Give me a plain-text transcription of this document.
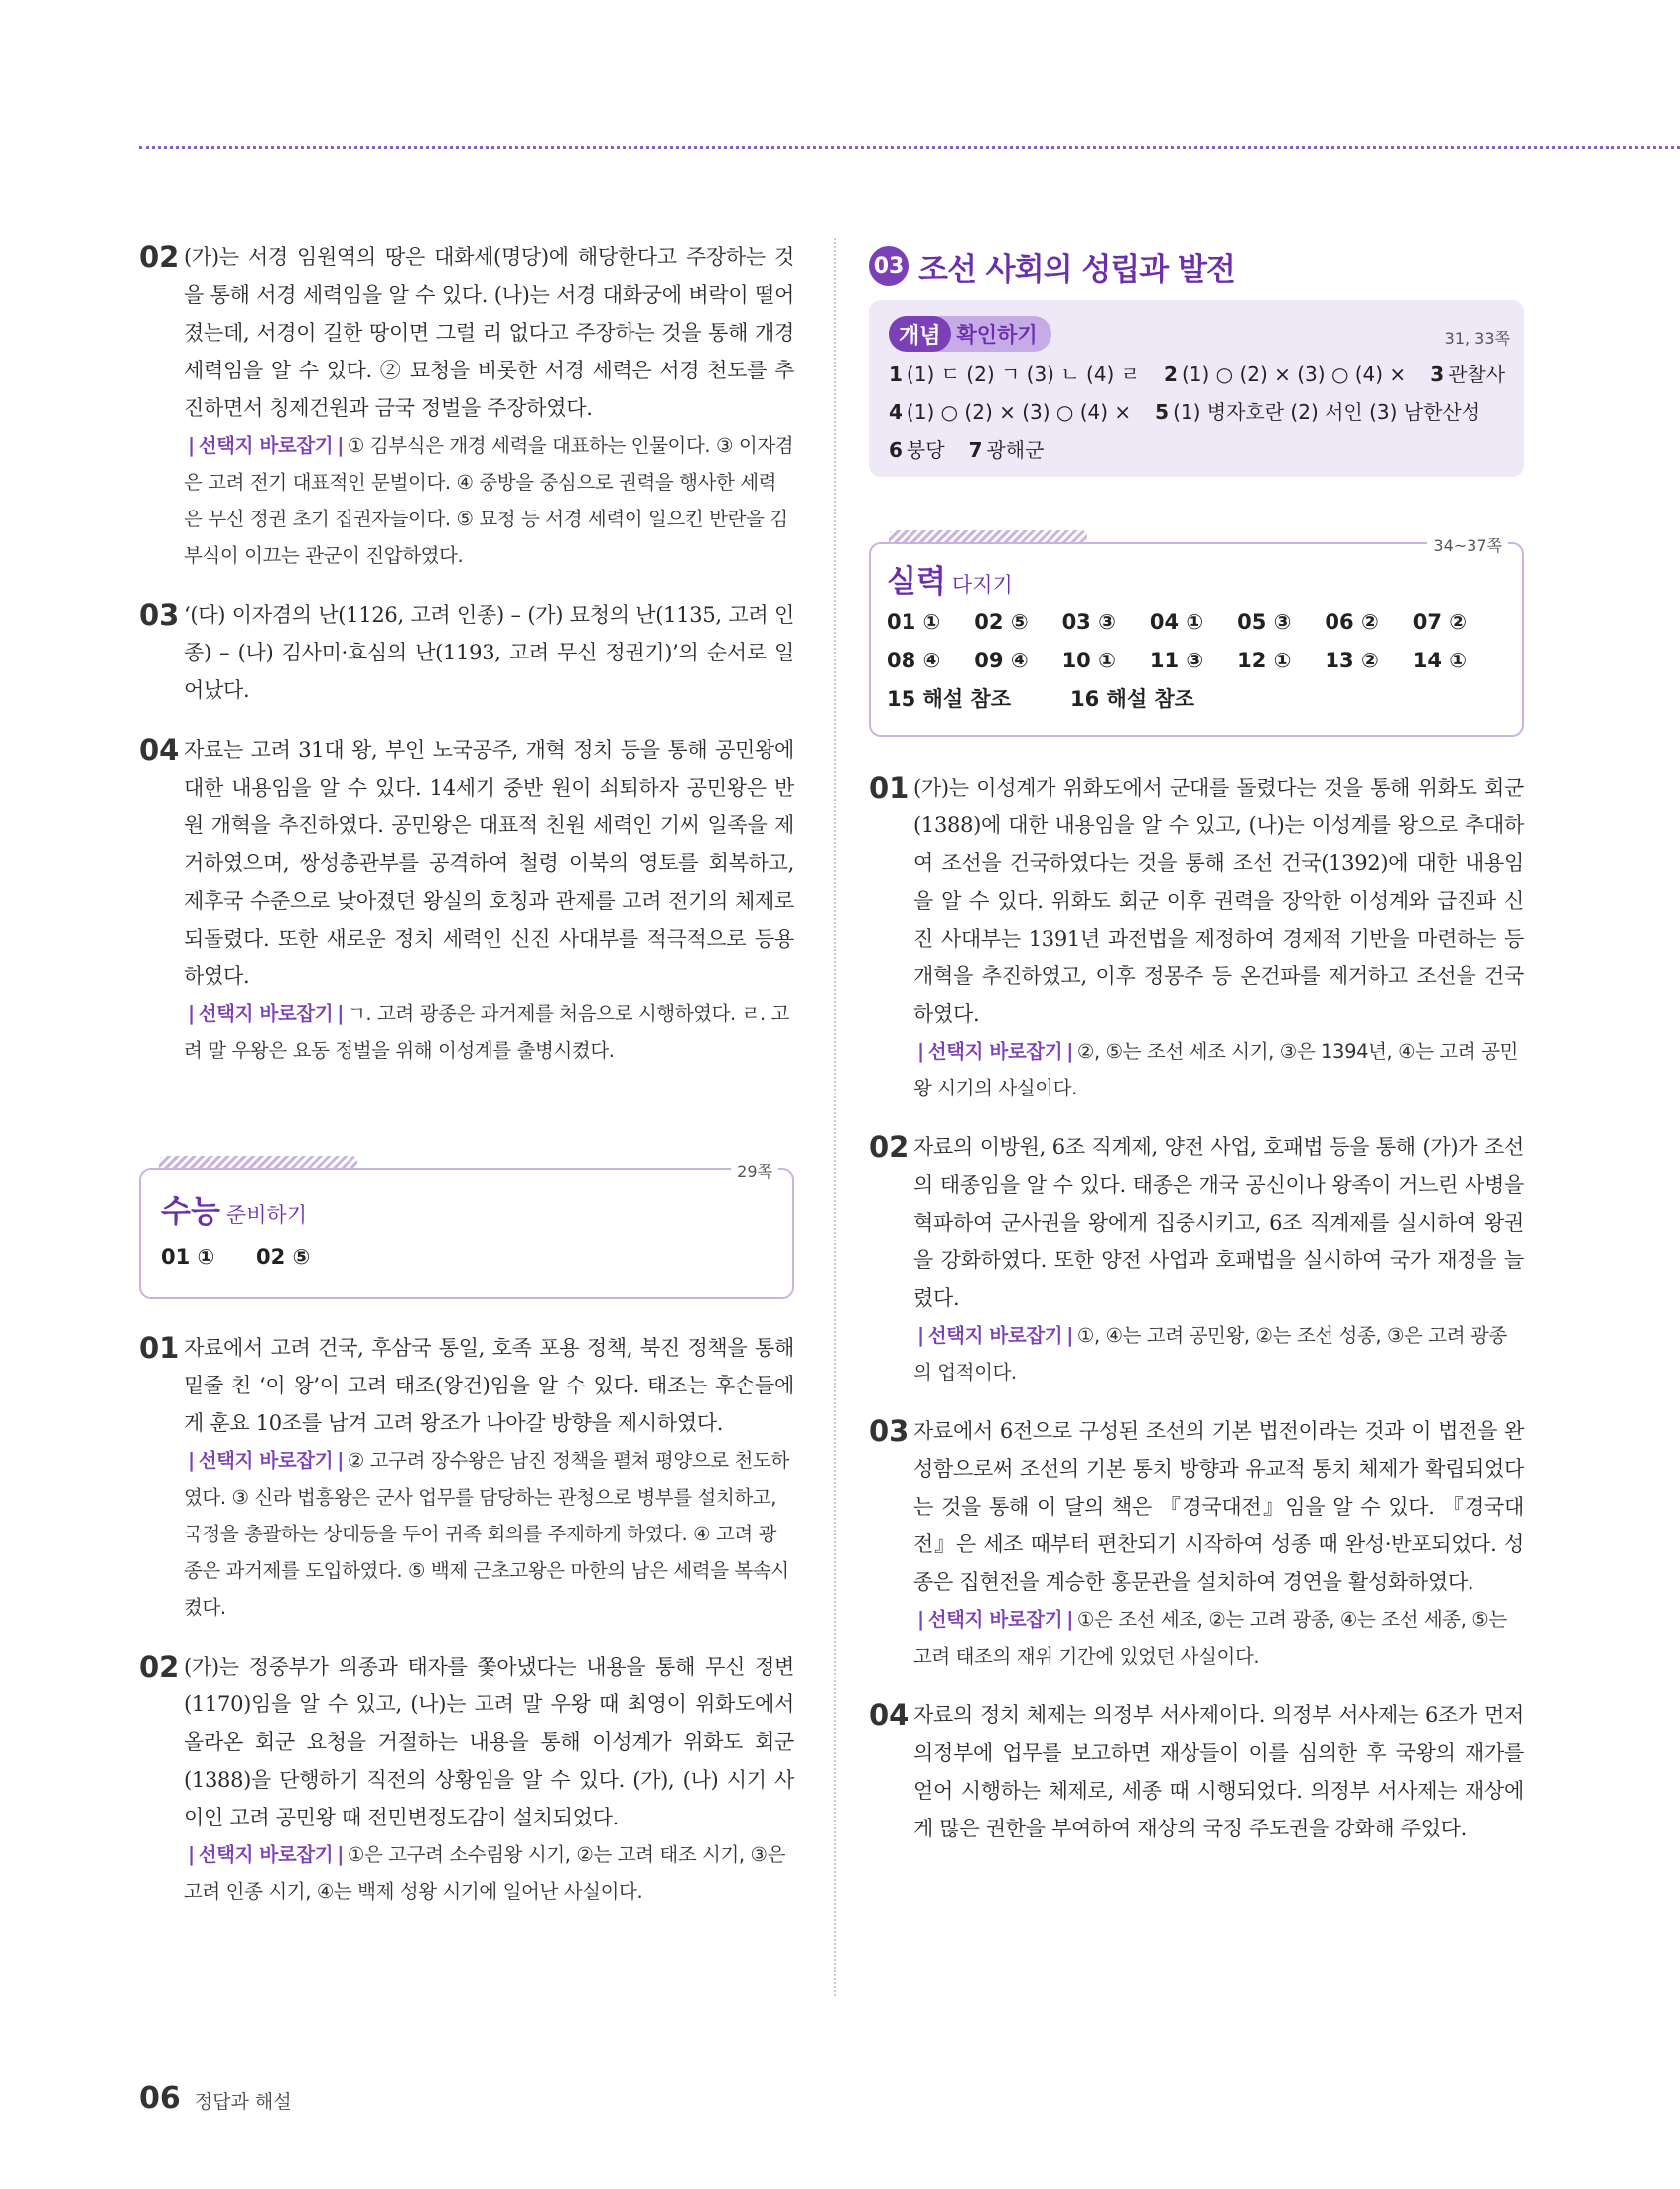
02 (가)는 서경 임원역의 땅은 대화세(명당)에 해당한다고 주장하는 것을 통해 서경 세력임을 알 수 있다. (나)는 서경 대화궁에 벼락이 떨어졌는데, 서경이 길한 땅이면 그럴 리 없다고 주장하는 것을 통해 개경 세력임을 알 수 있다. ② 묘청을 비롯한 서경 세력은 서경 천도를 추진하면서 칭제건원과 금국 정벌을 주장하였다.
| 선택지 바로잡기 | ① 김부식은 개경 세력을 대표하는 인물이다. ③ 이자겸은 고려 전기 대표적인 문벌이다. ④ 중방을 중심으로 권력을 행사한 세력은 무신 정권 초기 집권자들이다. ⑤ 묘청 등 서경 세력이 일으킨 반란을 김부식이 이끄는 관군이 진압하였다.
03 ‘(다) 이자겸의 난(1126, 고려 인종) – (가) 묘청의 난(1135, 고려 인종) – (나) 김사미·효심의 난(1193, 고려 무신 정권기)’의 순서로 일어났다.
04 자료는 고려 31대 왕, 부인 노국공주, 개혁 정치 등을 통해 공민왕에 대한 내용임을 알 수 있다. 14세기 중반 원이 쇠퇴하자 공민왕은 반원 개혁을 추진하였다. 공민왕은 대표적 친원 세력인 기씨 일족을 제거하였으며, 쌍성총관부를 공격하여 철령 이북의 영토를 회복하고, 제후국 수준으로 낮아졌던 왕실의 호칭과 관제를 고려 전기의 체제로 되돌렸다. 또한 새로운 정치 세력인 신진 사대부를 적극적으로 등용하였다.
| 선택지 바로잡기 | ㄱ. 고려 광종은 과거제를 처음으로 시행하였다. ㄹ. 고려 말 우왕은 요동 정벌을 위해 이성계를 출병시켰다.
29쪽
수능 준비하기
01 ①	02 ⑤
01 자료에서 고려 건국, 후삼국 통일, 호족 포용 정책, 북진 정책을 통해 밑줄 친 ‘이 왕’이 고려 태조(왕건)임을 알 수 있다. 태조는 후손들에게 훈요 10조를 남겨 고려 왕조가 나아갈 방향을 제시하였다.
| 선택지 바로잡기 | ② 고구려 장수왕은 남진 정책을 펼쳐 평양으로 천도하였다. ③ 신라 법흥왕은 군사 업무를 담당하는 관청으로 병부를 설치하고, 국정을 총괄하는 상대등을 두어 귀족 회의를 주재하게 하였다. ④ 고려 광종은 과거제를 도입하였다. ⑤ 백제 근초고왕은 마한의 남은 세력을 복속시켰다.
02 (가)는 정중부가 의종과 태자를 쫓아냈다는 내용을 통해 무신 정변(1170)임을 알 수 있고, (나)는 고려 말 우왕 때 최영이 위화도에서 올라온 회군 요청을 거절하는 내용을 통해 이성계가 위화도 회군(1388)을 단행하기 직전의 상황임을 알 수 있다. (가), (나) 시기 사이인 고려 공민왕 때 전민변정도감이 설치되었다.
| 선택지 바로잡기 | ①은 고구려 소수림왕 시기, ②는 고려 태조 시기, ③은 고려 인종 시기, ④는 백제 성왕 시기에 일어난 사실이다.
03 조선 사회의 성립과 발전
개념 확인하기	31, 33쪽
1 (1) ㄷ (2) ㄱ (3) ㄴ (4) ㄹ 2 (1) ○ (2) × (3) ○ (4) × 3 관찰사
4 (1) ○ (2) × (3) ○ (4) × 5 (1) 병자호란 (2) 서인 (3) 남한산성
6 붕당 7 광해군
34~37쪽
실력 다지기
01 ①	02 ⑤	03 ③	04 ①	05 ③	06 ②	07 ②
08 ④	09 ④	10 ①	11 ③	12 ①	13 ②	14 ①
15 해설 참조	16 해설 참조
01 (가)는 이성계가 위화도에서 군대를 돌렸다는 것을 통해 위화도 회군(1388)에 대한 내용임을 알 수 있고, (나)는 이성계를 왕으로 추대하여 조선을 건국하였다는 것을 통해 조선 건국(1392)에 대한 내용임을 알 수 있다. 위화도 회군 이후 권력을 장악한 이성계와 급진파 신진 사대부는 1391년 과전법을 제정하여 경제적 기반을 마련하는 등 개혁을 추진하였고, 이후 정몽주 등 온건파를 제거하고 조선을 건국하였다.
| 선택지 바로잡기 | ②, ⑤는 조선 세조 시기, ③은 1394년, ④는 고려 공민왕 시기의 사실이다.
02 자료의 이방원, 6조 직계제, 양전 사업, 호패법 등을 통해 (가)가 조선의 태종임을 알 수 있다. 태종은 개국 공신이나 왕족이 거느린 사병을 혁파하여 군사권을 왕에게 집중시키고, 6조 직계제를 실시하여 왕권을 강화하였다. 또한 양전 사업과 호패법을 실시하여 국가 재정을 늘렸다.
| 선택지 바로잡기 | ①, ④는 고려 공민왕, ②는 조선 성종, ③은 고려 광종의 업적이다.
03 자료에서 6전으로 구성된 조선의 기본 법전이라는 것과 이 법전을 완성함으로써 조선의 기본 통치 방향과 유교적 통치 체제가 확립되었다는 것을 통해 이 달의 책은 『경국대전』임을 알 수 있다. 『경국대전』은 세조 때부터 편찬되기 시작하여 성종 때 완성·반포되었다. 성종은 집현전을 계승한 홍문관을 설치하여 경연을 활성화하였다.
| 선택지 바로잡기 | ①은 조선 세조, ②는 고려 광종, ④는 조선 세종, ⑤는 고려 태조의 재위 기간에 있었던 사실이다.
04 자료의 정치 체제는 의정부 서사제이다. 의정부 서사제는 6조가 먼저 의정부에 업무를 보고하면 재상들이 이를 심의한 후 국왕의 재가를 얻어 시행하는 체제로, 세종 때 시행되었다. 의정부 서사제는 재상에게 많은 권한을 부여하여 재상의 국정 주도권을 강화해 주었다.
06 정답과 해설
